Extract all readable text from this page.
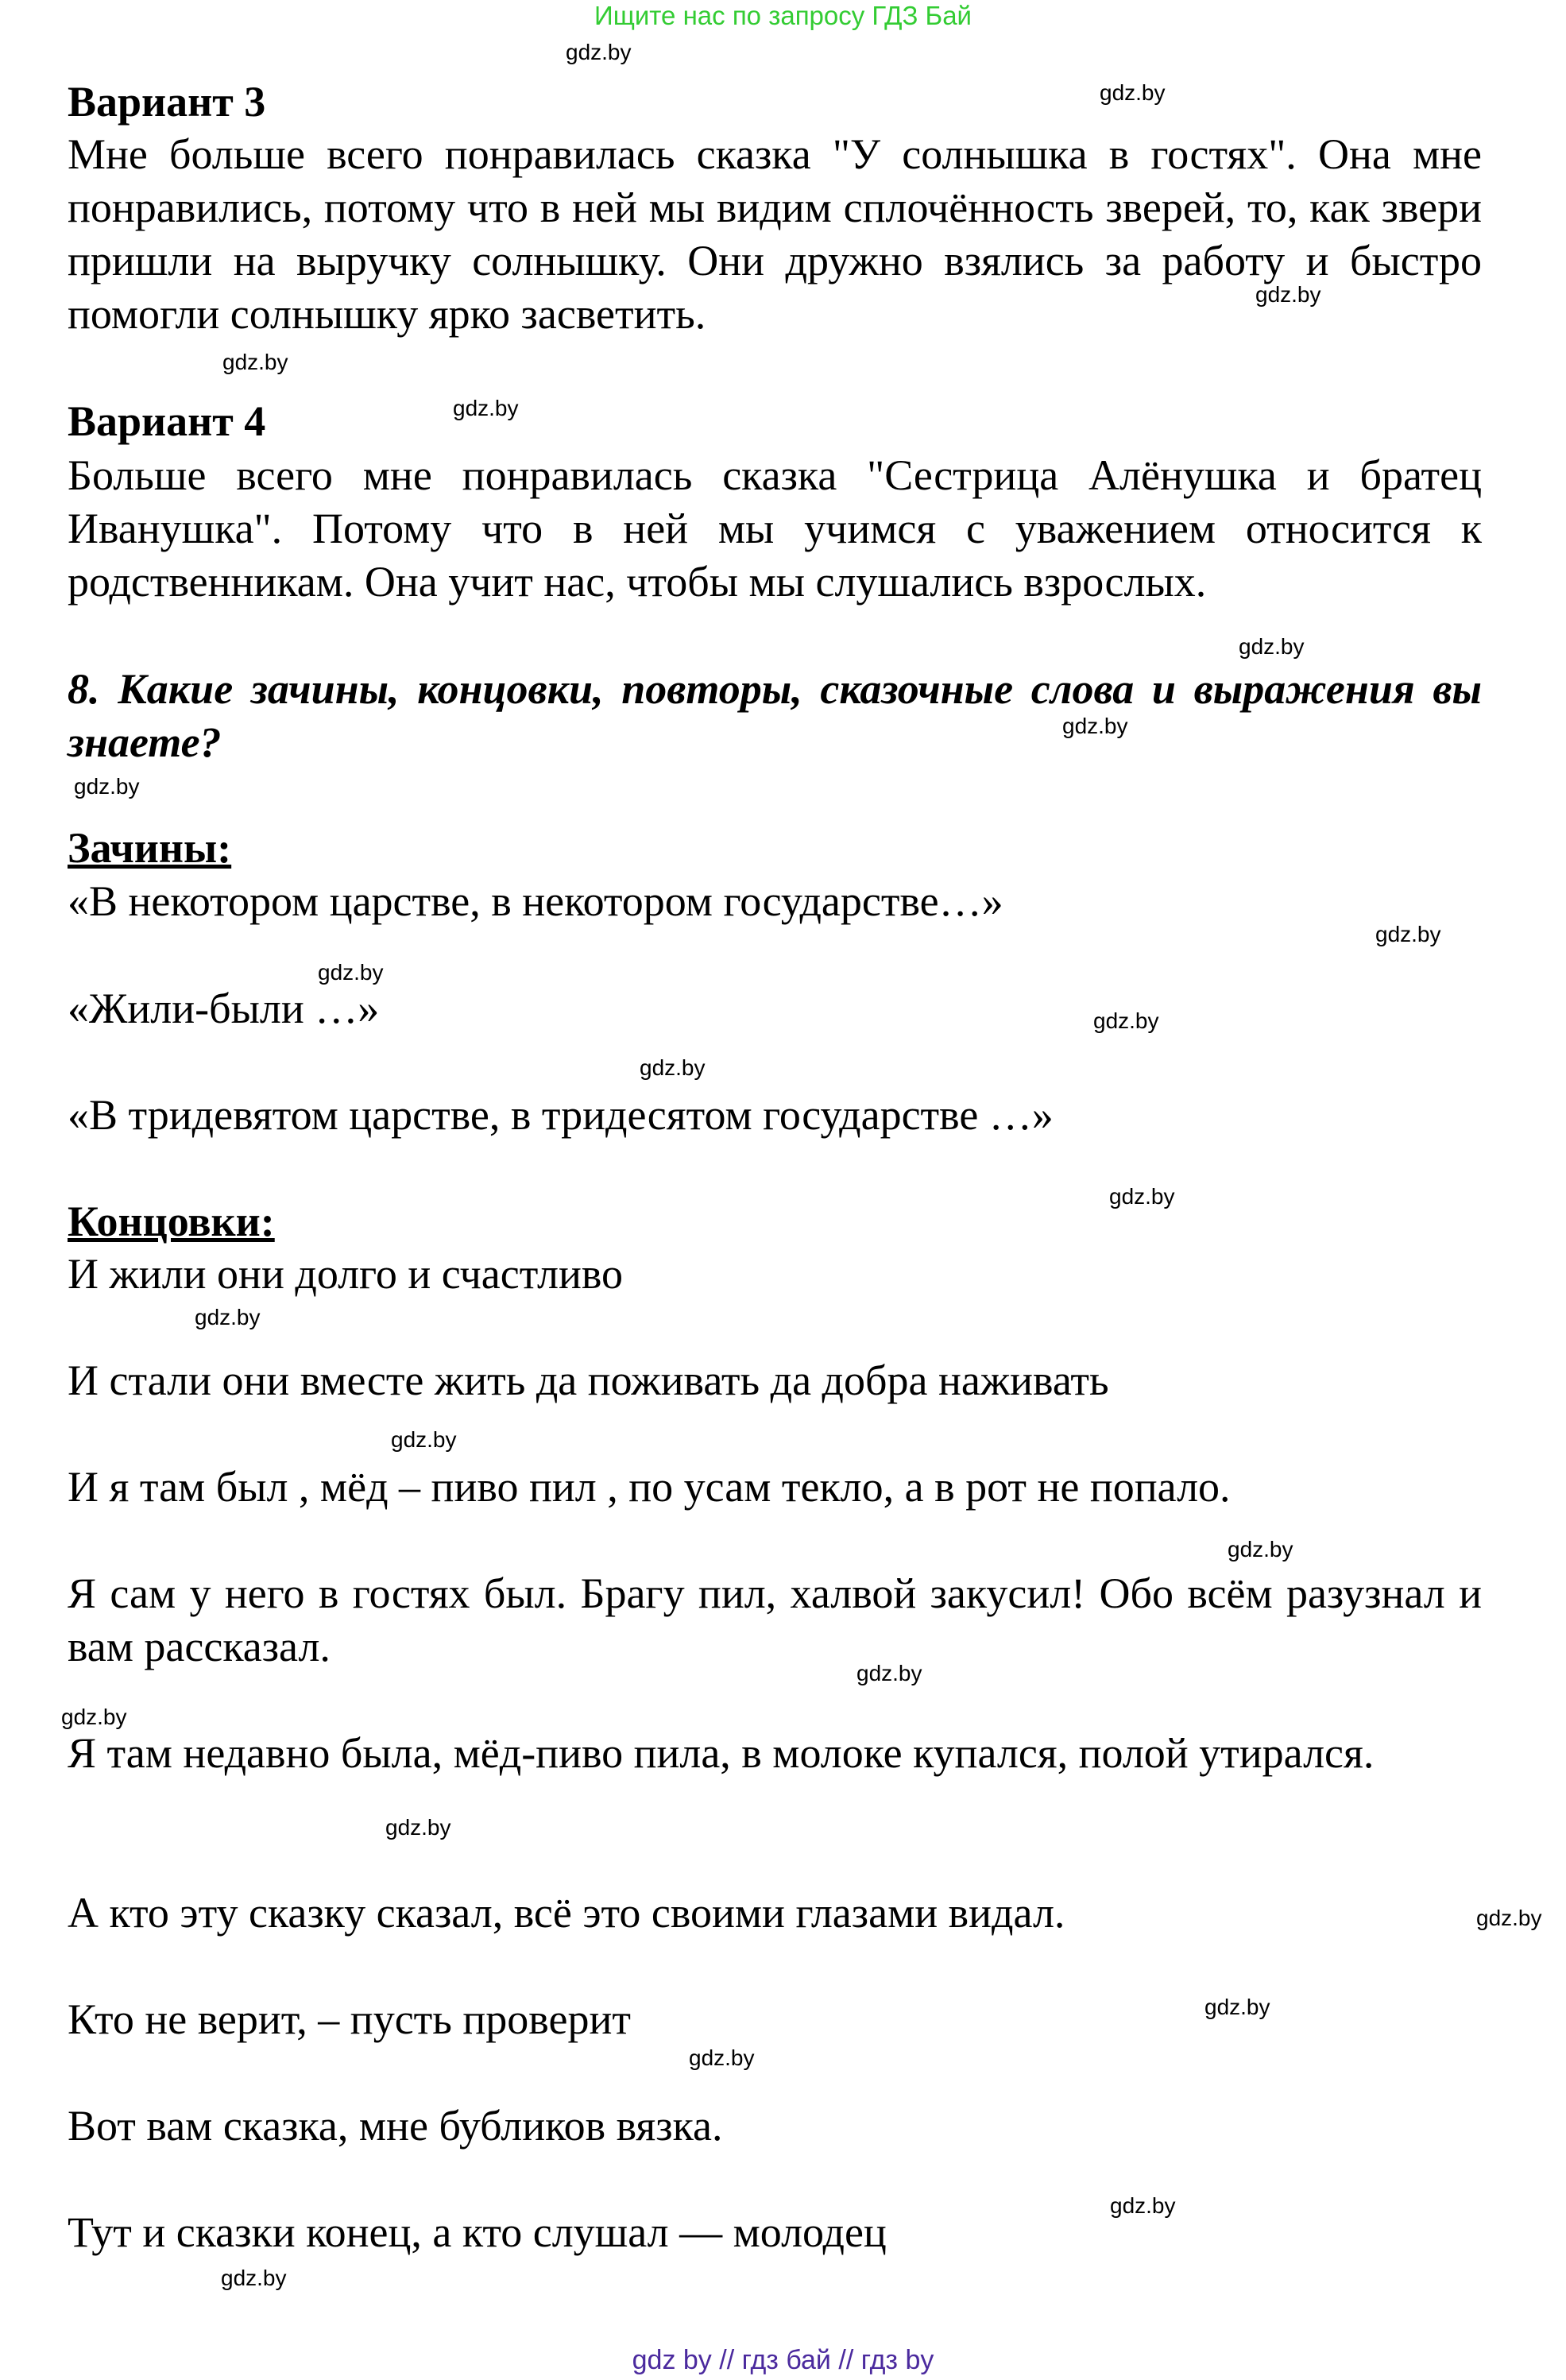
Ищите нас по запросу ГДЗ Бай
Вариант 3
Мне больше всего понравилась сказка "У солнышка в гостях". Она мне понравились, потому что в ней мы видим сплочённость зверей, то, как звери пришли на выручку солнышку. Они дружно взялись за работу и быстро помогли солнышку ярко засветить.
Вариант 4
Больше всего мне понравилась сказка "Сестрица Алёнушка и братец Иванушка". Потому что в ней мы учимся с уважением относится к родственникам. Она учит нас, чтобы мы слушались взрослых.
8. Какие зачины, концовки, повторы, сказочные слова и выражения вы знаете?
Зачины:
«В некотором царстве, в некотором государстве…»
«Жили-были …»
«В тридевятом царстве, в тридесятом государстве …»
Концовки:
И жили они долго и счастливо
И стали они вместе жить да поживать да добра наживать
И я там был , мёд – пиво пил , по усам текло, а в рот не попало.
Я сам у него в гостях был. Брагу пил, халвой закусил! Обо всём разузнал и вам рассказал.
Я там недавно была, мёд-пиво пила, в молоке купался, полой утирался.
А кто эту сказку сказал, всё это своими глазами видал.
Кто не верит, – пусть проверит
Вот вам сказка, мне бубликов вязка.
Тут и сказки конец, а кто слушал — молодец
gdz.by
gdz.by
gdz.by
gdz.by
gdz.by
gdz.by
gdz.by
gdz.by
gdz.by
gdz.by
gdz.by
gdz.by
gdz.by
gdz.by
gdz.by
gdz.by
gdz.by
gdz.by
gdz.by
gdz.by
gdz.by
gdz.by
gdz.by
gdz.by
gdz by // гдз бай // гдз by
